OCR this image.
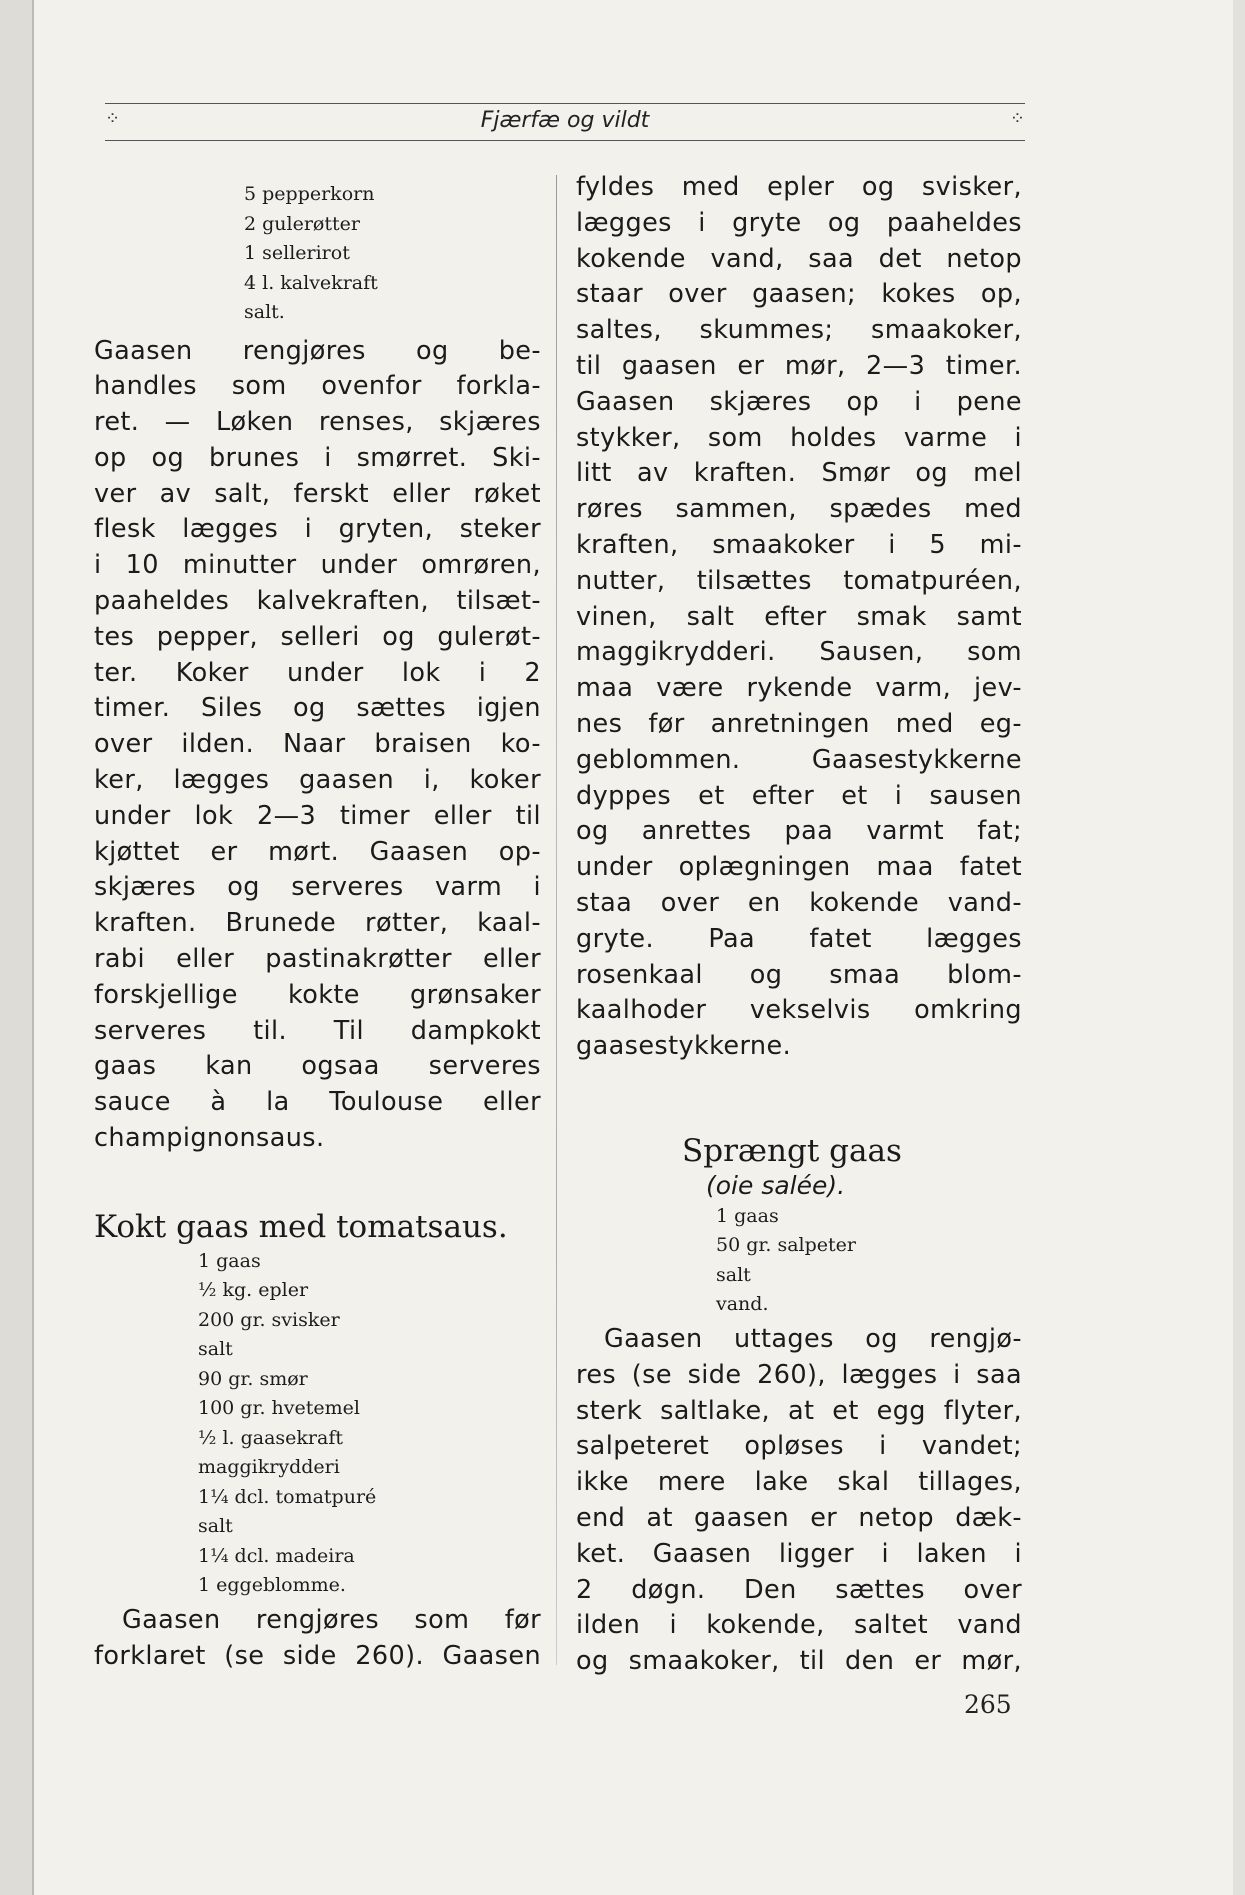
⁘	Fjærfæ og vildt	⁘
5 pepperkorn
2 gulerøtter
1 sellerirot
4 l. kalvekraft
salt.
Gaasen rengjøres og be-
handles som ovenfor forkla-
ret. — Løken renses, skjæres
op og brunes i smørret. Ski-
ver av salt, ferskt eller røket
flesk lægges i gryten, steker
i 10 minutter under omrøren,
paaheldes kalvekraften, tilsæt-
tes pepper, selleri og gulerøt-
ter. Koker under lok i 2
timer. Siles og sættes igjen
over ilden. Naar braisen ko-
ker, lægges gaasen i, koker
under lok 2—3 timer eller til
kjøttet er mørt. Gaasen op-
skjæres og serveres varm i
kraften. Brunede røtter, kaal-
rabi eller pastinakrøtter eller
forskjellige kokte grønsaker
serveres til. Til dampkokt
gaas kan ogsaa serveres
sauce à la Toulouse eller
champignonsaus.
Kokt gaas med tomatsaus.
1 gaas
½ kg. epler
200 gr. svisker
salt
90 gr. smør
100 gr. hvetemel
½ l. gaasekraft
maggikrydderi
1¼ dcl. tomatpuré
salt
1¼ dcl. madeira
1 eggeblomme.
Gaasen rengjøres som før
forklaret (se side 260). Gaasen
fyldes med epler og svisker,
lægges i gryte og paaheldes
kokende vand, saa det netop
staar over gaasen; kokes op,
saltes, skummes; smaakoker,
til gaasen er mør, 2—3 timer.
Gaasen skjæres op i pene
stykker, som holdes varme i
litt av kraften. Smør og mel
røres sammen, spædes med
kraften, smaakoker i 5 mi-
nutter, tilsættes tomatpuréen,
vinen, salt efter smak samt
maggikrydderi. Sausen, som
maa være rykende varm, jev-
nes før anretningen med eg-
geblommen. Gaasestykkerne
dyppes et efter et i sausen
og anrettes paa varmt fat;
under oplægningen maa fatet
staa over en kokende vand-
gryte. Paa fatet lægges
rosenkaal og smaa blom-
kaalhoder vekselvis omkring
gaasestykkerne.
Sprængt gaas
(oie salée).
1 gaas
50 gr. salpeter
salt
vand.
Gaasen uttages og rengjø-
res (se side 260), lægges i saa
sterk saltlake, at et egg flyter,
salpeteret opløses i vandet;
ikke mere lake skal tillages,
end at gaasen er netop dæk-
ket. Gaasen ligger i laken i
2 døgn. Den sættes over
ilden i kokende, saltet vand
og smaakoker, til den er mør,
265
